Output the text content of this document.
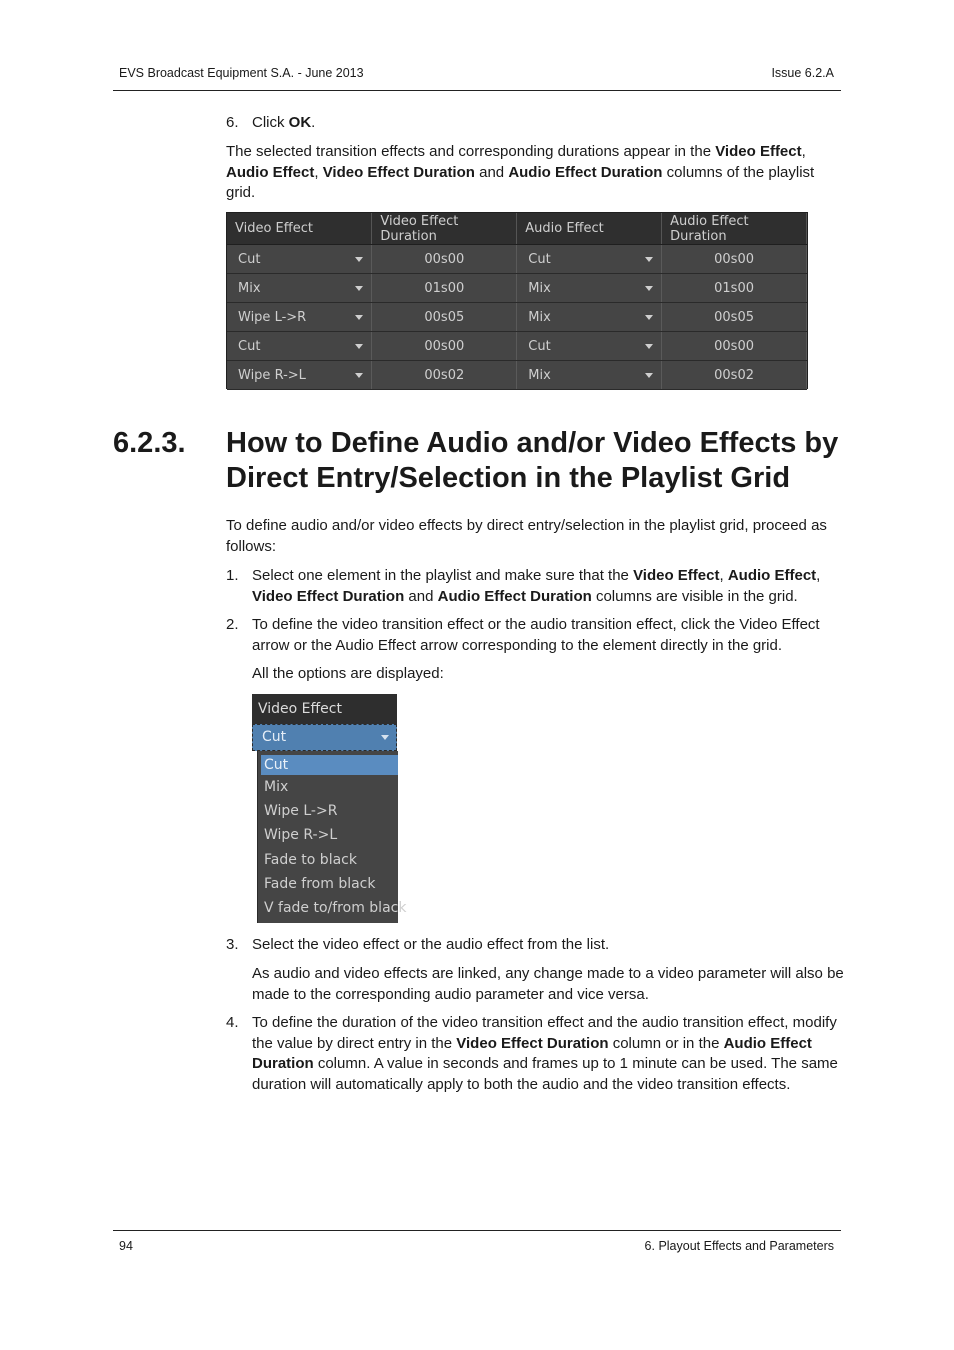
EVS Broadcast Equipment S.A. - June 2013	Issue 6.2.A
6. Click OK.

The selected transition effects and corresponding durations appear in the Video Effect, Audio Effect, Video Effect Duration and Audio Effect Duration columns of the playlist grid.

Video Effect	Video Effect Duration	Audio Effect	Audio Effect Duration
Cut	00s00	Cut	00s00
Mix	01s00	Mix	01s00
Wipe L->R	00s05	Mix	00s05
Cut	00s00	Cut	00s00
Wipe R->L	00s02	Mix	00s02
6.2.3. How to Define Audio and/or Video Effects by Direct Entry/Selection in the Playlist Grid

To define audio and/or video effects by direct entry/selection in the playlist grid, proceed as follows:

1. Select one element in the playlist and make sure that the Video Effect, Audio Effect, Video Effect Duration and Audio Effect Duration columns are visible in the grid.
2. To define the video transition effect or the audio transition effect, click the Video Effect arrow or the Audio Effect arrow corresponding to the element directly in the grid.

All the options are displayed:

Video Effect
Cut
Cut
Mix
Wipe L->R
Wipe R->L
Fade to black
Fade from black
V fade to/from black
3. Select the video effect or the audio effect from the list.

As audio and video effects are linked, any change made to a video parameter will also be made to the corresponding audio parameter and vice versa.

4. To define the duration of the video transition effect and the audio transition effect, modify the value by direct entry in the Video Effect Duration column or in the Audio Effect Duration column. A value in seconds and frames up to 1 minute can be used. The same duration will automatically apply to both the audio and the video transition effects.
94	6. Playout Effects and Parameters
